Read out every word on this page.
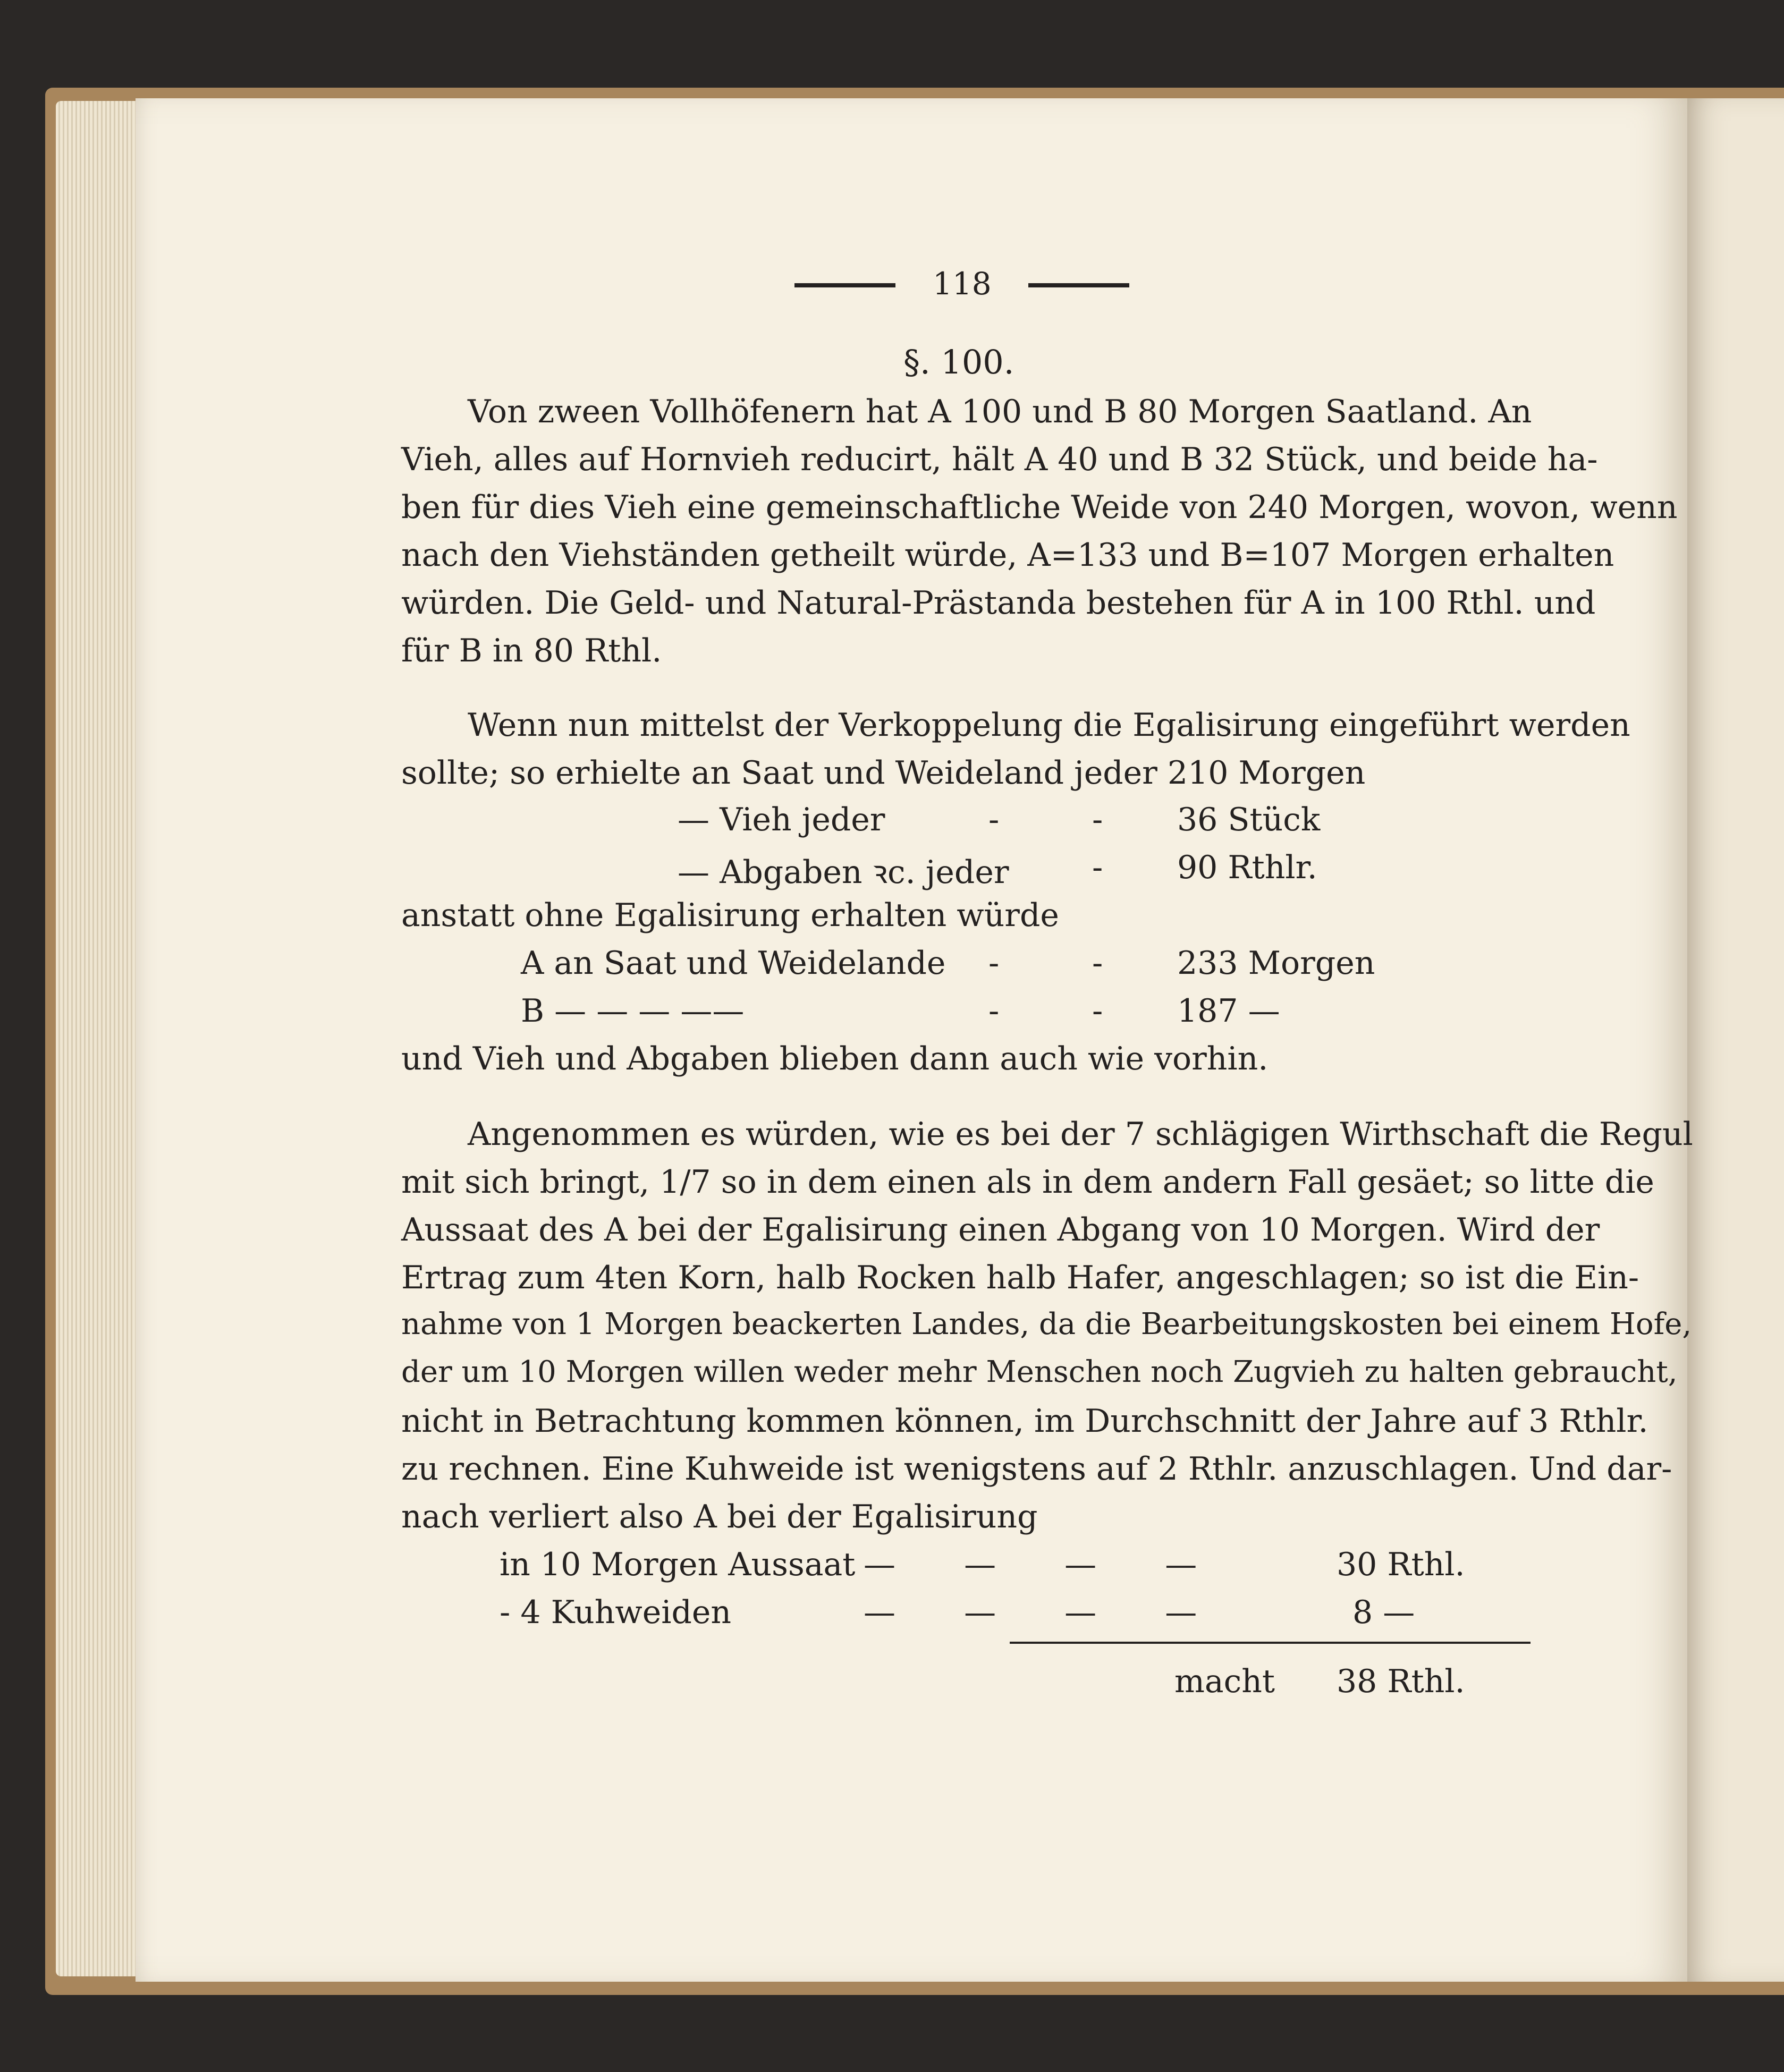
118
§. 100.
Von zween Vollhöfenern hat A 100 und B 80 Morgen Saatland. An
Vieh, alles auf Hornvieh reducirt, hält A 40 und B 32 Stück, und beide ha-
ben für dies Vieh eine gemeinschaftliche Weide von 240 Morgen, wovon, wenn
nach den Viehständen getheilt würde, A=133 und B=107 Morgen erhalten
würden. Die Geld- und Natural-Prästanda bestehen für A in 100 Rthl. und
für B in 80 Rthl.
Wenn nun mittelst der Verkoppelung die Egalisirung eingeführt werden
sollte; so erhielte an Saat und Weideland jeder 210 Morgen
— Vieh jeder	-	- 36 Stück
— Abgaben ꝛc. jeder	- 90 Rthlr.
anstatt ohne Egalisirung erhalten würde
A an Saat und Weidelande -	- 233 Morgen
B — — — ——	-	- 187 —
und Vieh und Abgaben blieben dann auch wie vorhin.
Angenommen es würden, wie es bei der 7 schlägigen Wirthschaft die Regul
mit sich bringt, 1/7 so in dem einen als in dem andern Fall gesäet; so litte die
Aussaat des A bei der Egalisirung einen Abgang von 10 Morgen. Wird der
Ertrag zum 4ten Korn, halb Rocken halb Hafer, angeschlagen; so ist die Ein-
nahme von 1 Morgen beackerten Landes, da die Bearbeitungskosten bei einem Hofe,
der um 10 Morgen willen weder mehr Menschen noch Zugvieh zu halten gebraucht,
nicht in Betrachtung kommen können, im Durchschnitt der Jahre auf 3 Rthlr.
zu rechnen. Eine Kuhweide ist wenigstens auf 2 Rthlr. anzuschlagen. Und dar-
nach verliert also A bei der Egalisirung
in 10 Morgen Aussaat — — — —	30 Rthl.
- 4 Kuhweiden	— — — —	8 —
macht 38 Rthl.
